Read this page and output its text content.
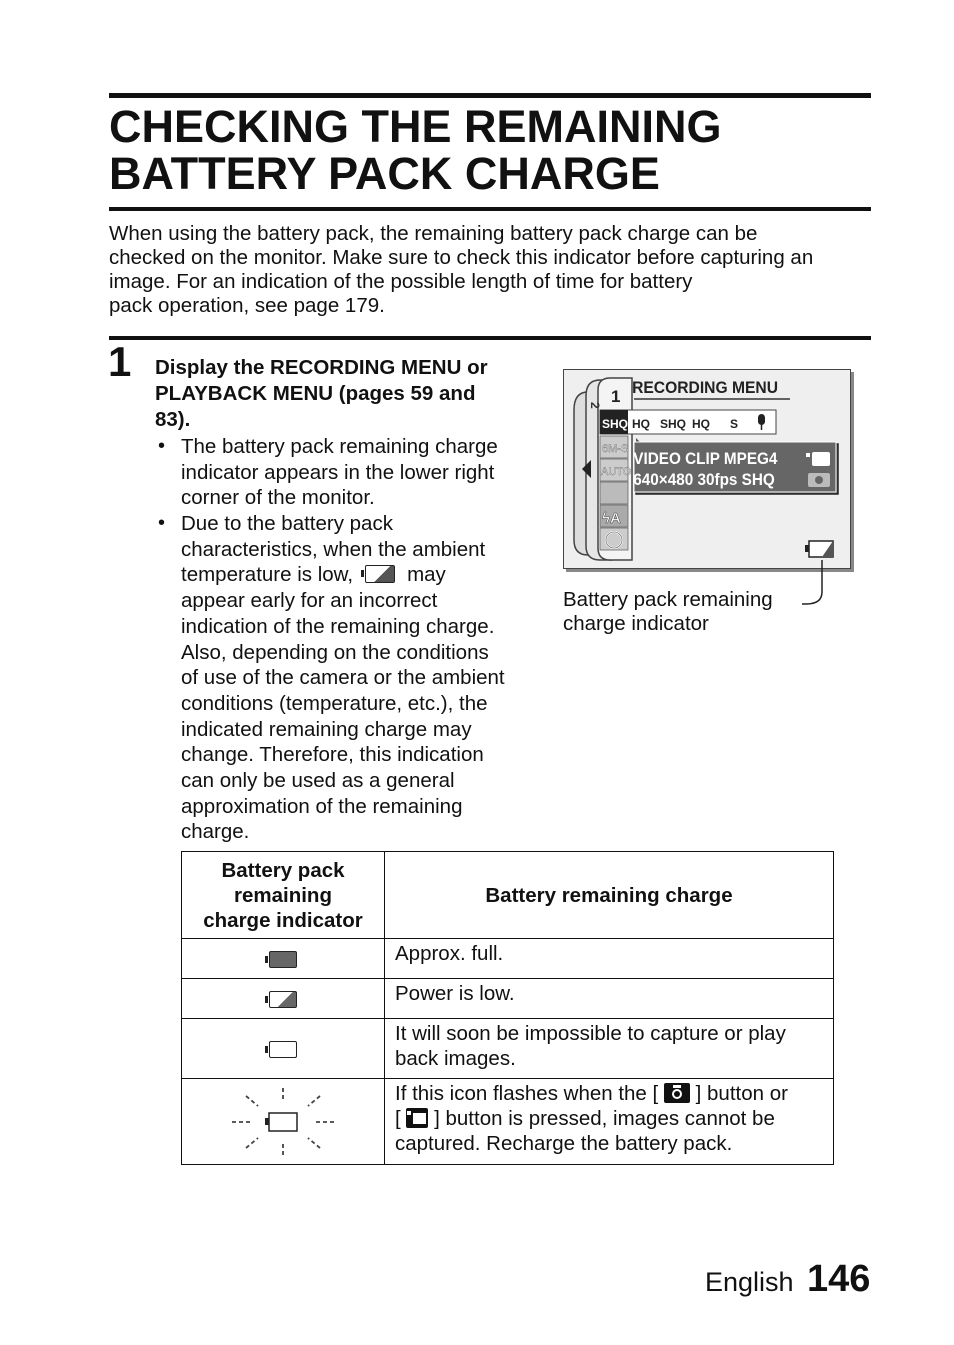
CHECKING THE REMAINING
BATTERY PACK CHARGE

When using the battery pack, the remaining battery pack charge can be
checked on the monitor. Make sure to check this indicator before capturing an
image. For an indication of the possible length of time for battery
pack operation, see page 179.

1 Display the RECORDING MENU or
PLAYBACK MENU (pages 59 and
83).

• The battery pack remaining charge
indicator appears in the lower right
corner of the monitor.

• Due to the battery pack
characteristics, when the ambient
temperature is low,	may
appear early for an incorrect
indication of the remaining charge.
Also, depending on the conditions
of use of the camera or the ambient
conditions (temperature, etc.), the
indicated remaining charge may
change. Therefore, this indication
can only be used as a general
approximation of the remaining
charge.

2 1 RECORDING MENU
SHQ HQ SHQ HQ S
6M-S
AUTO
ϟA
VIDEO CLIP MPEG4
640×480 30fps SHQ

Battery pack remaining
charge indicator

Battery pack
remaining
charge indicator	Battery remaining charge
	Approx. full.
	Power is low.
	It will soon be impossible to capture or play
back images.
	If this icon flashes when the [ ] button or
[ ] button is pressed, images cannot be
captured. Recharge the battery pack.
English 146
